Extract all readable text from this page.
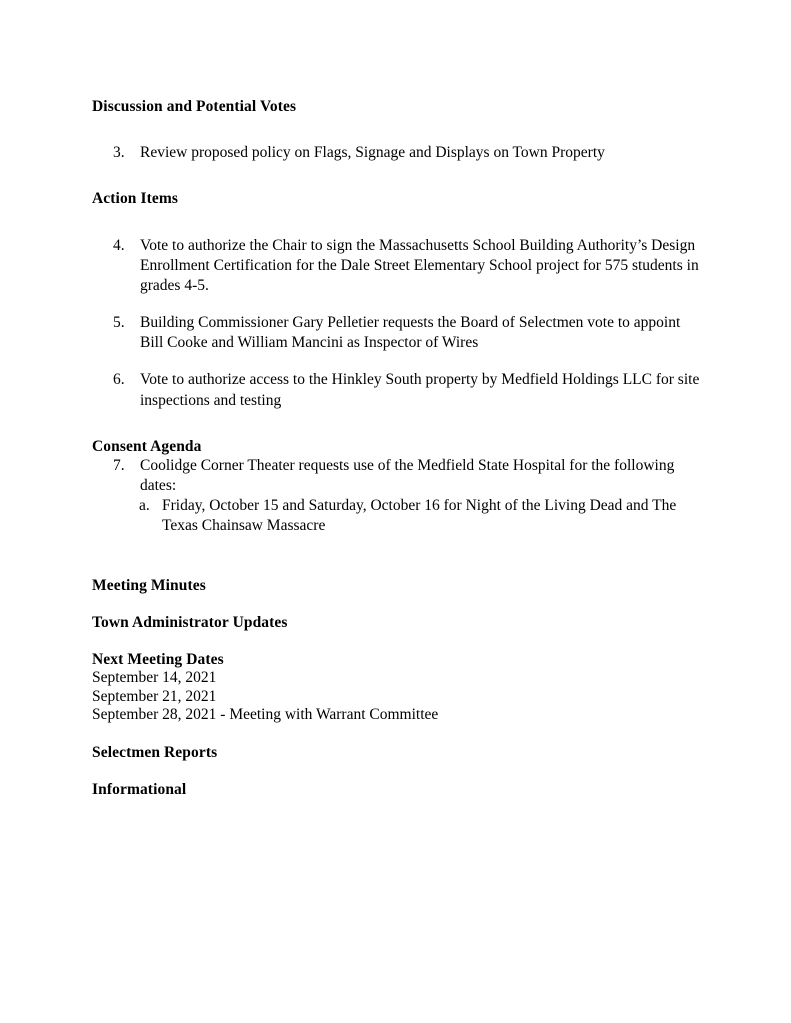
Discussion and Potential Votes

3. Review proposed policy on Flags, Signage and Displays on Town Property

Action Items

4. Vote to authorize the Chair to sign the Massachusetts School Building Authority’s Design Enrollment Certification for the Dale Street Elementary School project for 575 students in grades 4-5.
5. Building Commissioner Gary Pelletier requests the Board of Selectmen vote to appoint Bill Cooke and William Mancini as Inspector of Wires
6. Vote to authorize access to the Hinkley South property by Medfield Holdings LLC for site inspections and testing

Consent Agenda

7. Coolidge Corner Theater requests use of the Medfield State Hospital for the following dates:
a. Friday, October 15 and Saturday, October 16 for Night of the Living Dead and The Texas Chainsaw Massacre

Meeting Minutes

Town Administrator Updates

Next Meeting Dates

September 14, 2021

September 21, 2021

September 28, 2021 - Meeting with Warrant Committee

Selectmen Reports

Informational
